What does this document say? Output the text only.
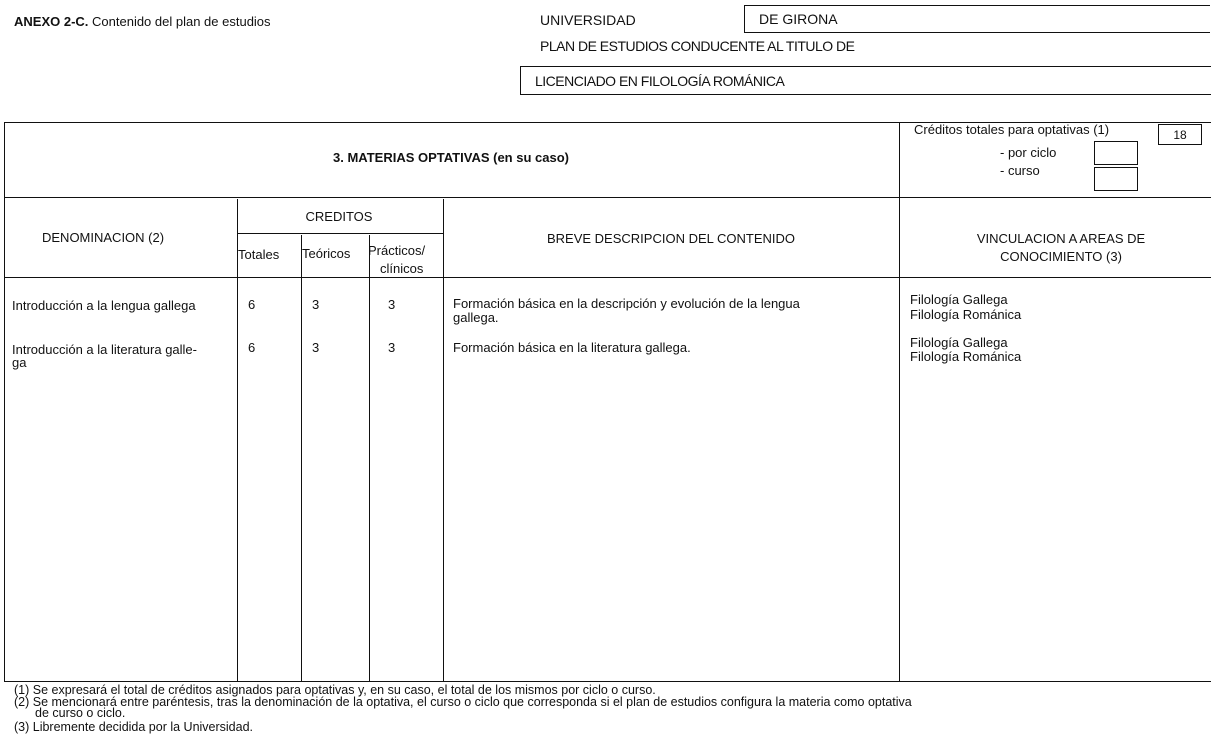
ANEXO 2-C. Contenido del plan de estudios	UNIVERSIDAD	DE GIRONA
PLAN DE ESTUDIOS CONDUCENTE AL TITULO DE
LICENCIADO EN FILOLOGÍA ROMÁNICA
3. MATERIAS OPTATIVAS (en su caso)
Créditos totales para optativas (1)	18
- por ciclo
- curso
DENOMINACION (2)
CREDITOS
Totales Teóricos Prácticos/
clínicos
BREVE DESCRIPCION DEL CONTENIDO	VINCULACION A AREAS DE
CONOCIMIENTO (3)
Introducción a la lengua gallega	6	3	3	Formación básica en la descripción y evolución de la lengua
gallega.
Filología Gallega
Filología Románica
Introducción a la literatura galle-
ga
6	3	3	Formación básica en la literatura gallega.	Filología Gallega
Filología Románica
(1) Se expresará el total de créditos asignados para optativas y, en su caso, el total de los mismos por ciclo o curso.
(2) Se mencionará entre paréntesis, tras la denominación de la optativa, el curso o ciclo que corresponda si el plan de estudios configura la materia como optativa
de curso o ciclo.
(3) Libremente decidida por la Universidad.
